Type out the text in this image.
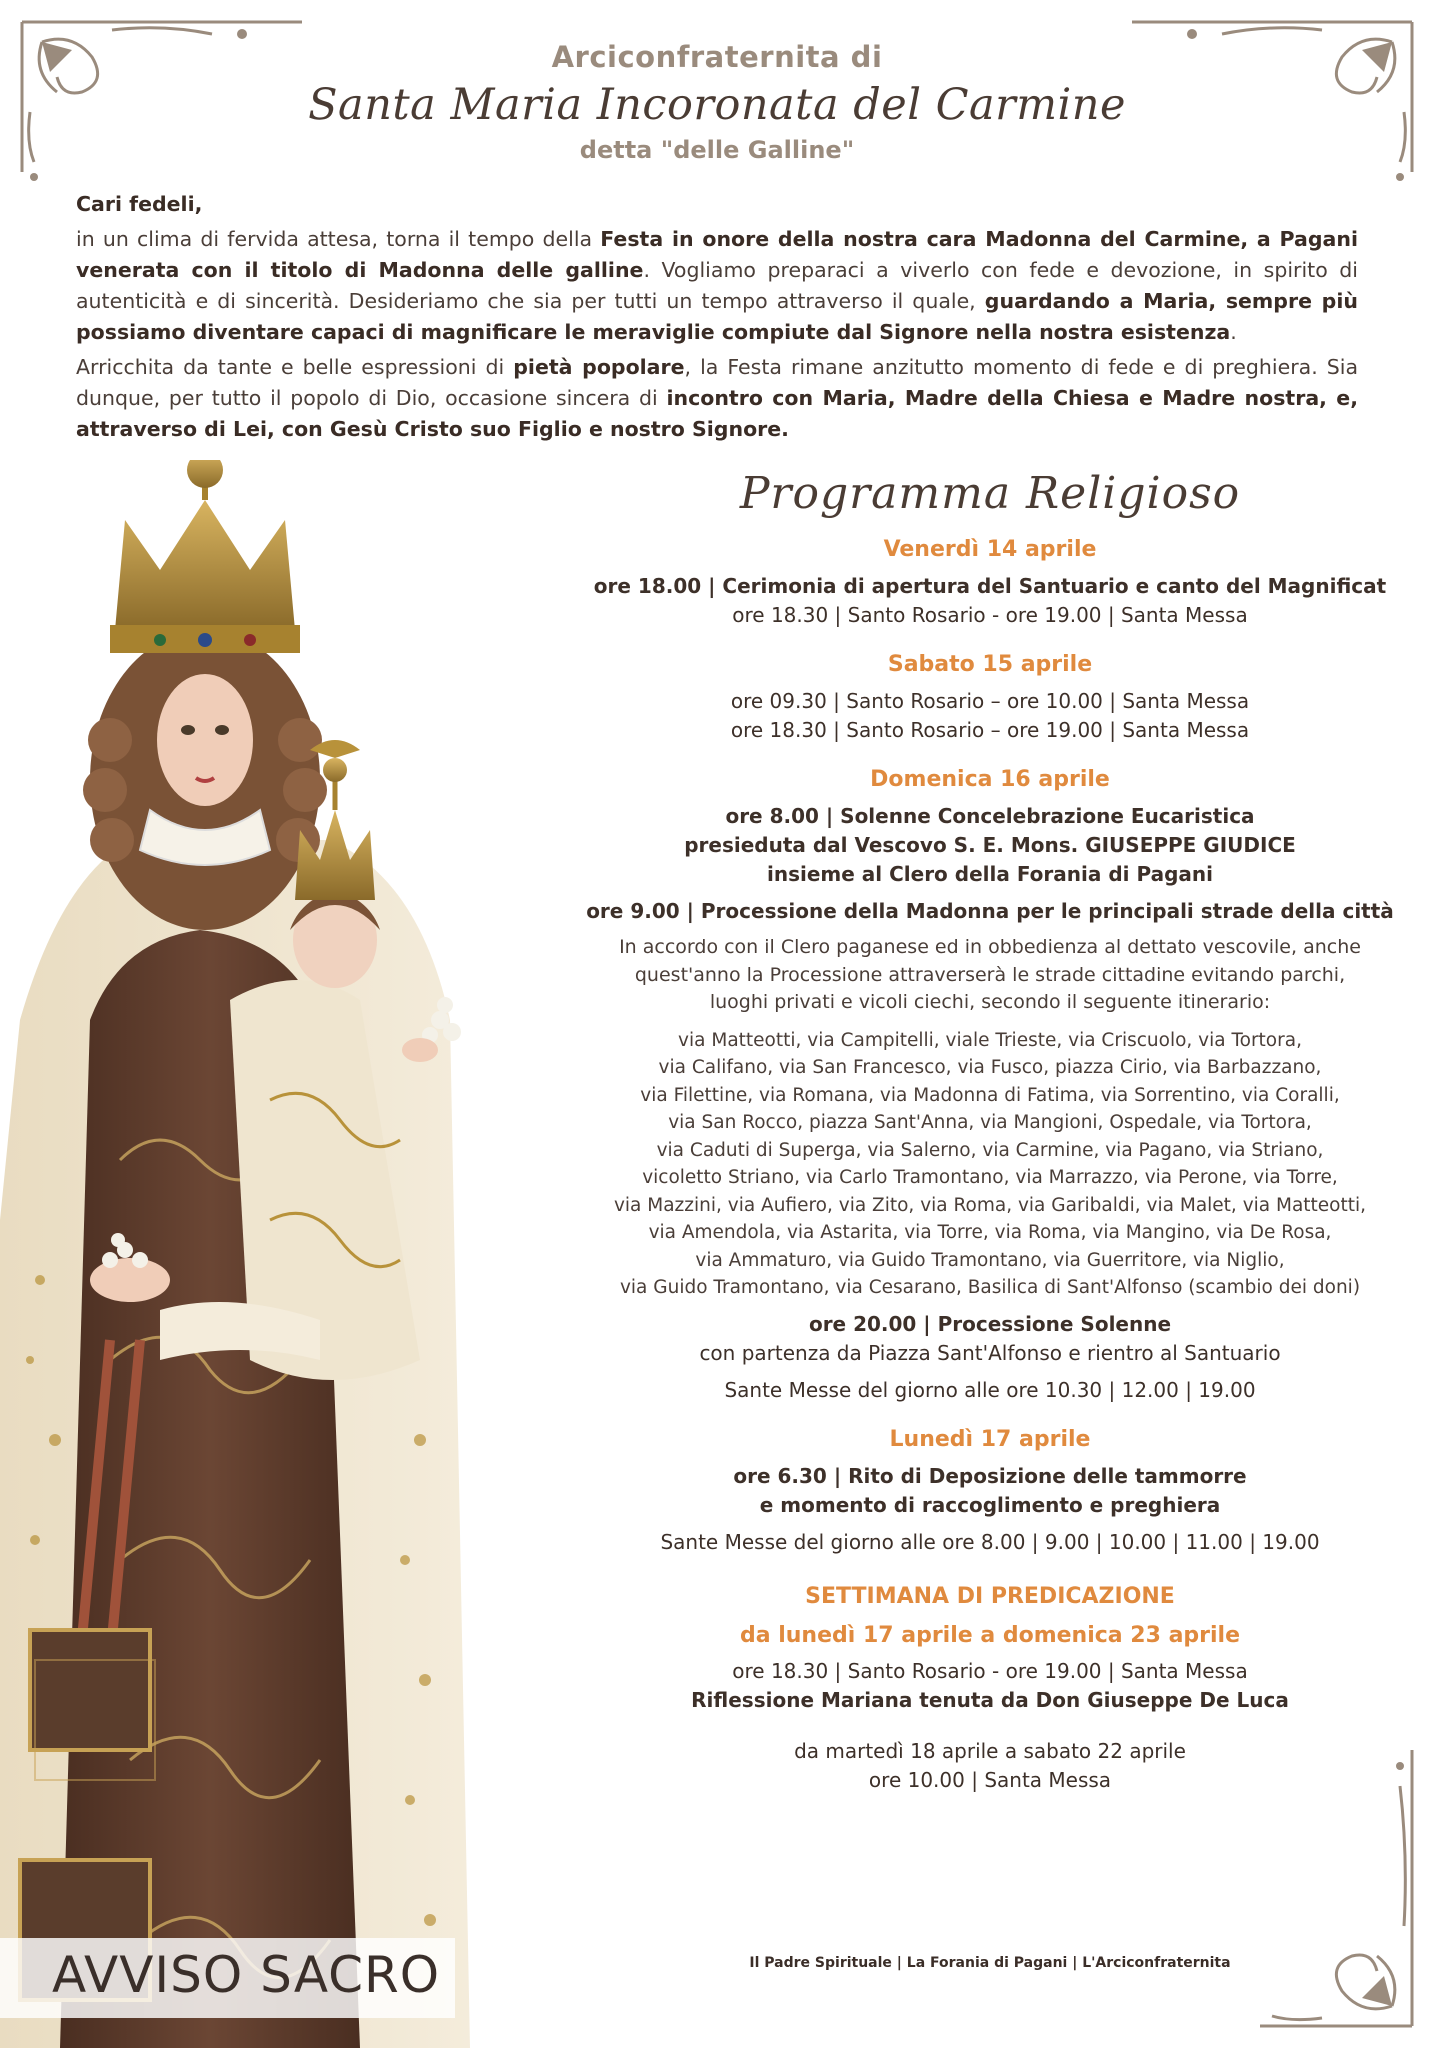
Arciconfraternita di
Santa Maria Incoronata del Carmine
detta "delle Galline"

Cari fedeli,

in un clima di fervida attesa, torna il tempo della Festa in onore della nostra cara Madonna del Carmine, a Pagani venerata con il titolo di Madonna delle galline. Vogliamo preparaci a viverlo con fede e devozione, in spirito di autenticità e di sincerità. Desideriamo che sia per tutti un tempo attraverso il quale, guardando a Maria, sempre più possiamo diventare capaci di magnificare le meraviglie compiute dal Signore nella nostra esistenza.

Arricchita da tante e belle espressioni di pietà popolare, la Festa rimane anzitutto momento di fede e di preghiera. Sia dunque, per tutto il popolo di Dio, occasione sincera di incontro con Maria, Madre della Chiesa e Madre nostra, e, attraverso di Lei, con Gesù Cristo suo Figlio e nostro Signore.

AVVISO SACRO
Programma Religioso
Venerdì 14 aprile

ore 18.00 | Cerimonia di apertura del Santuario e canto del Magnificat

ore 18.30 | Santo Rosario - ore 19.00 | Santa Messa

Sabato 15 aprile

ore 09.30 | Santo Rosario – ore 10.00 | Santa Messa

ore 18.30 | Santo Rosario – ore 19.00 | Santa Messa

Domenica 16 aprile

ore 8.00 | Solenne Concelebrazione Eucaristica

presieduta dal Vescovo S. E. Mons. GIUSEPPE GIUDICE

insieme al Clero della Forania di Pagani

ore 9.00 | Processione della Madonna per le principali strade della città

In accordo con il Clero paganese ed in obbedienza al dettato vescovile, anche
quest'anno la Processione attraverserà le strade cittadine evitando parchi,
luoghi privati e vicoli ciechi, secondo il seguente itinerario:
via Matteotti, via Campitelli, viale Trieste, via Criscuolo, via Tortora,
via Califano, via San Francesco, via Fusco, piazza Cirio, via Barbazzano,
via Filettine, via Romana, via Madonna di Fatima, via Sorrentino, via Coralli,
via San Rocco, piazza Sant'Anna, via Mangioni, Ospedale, via Tortora,
via Caduti di Superga, via Salerno, via Carmine, via Pagano, via Striano,
vicoletto Striano, via Carlo Tramontano, via Marrazzo, via Perone, via Torre,
via Mazzini, via Aufiero, via Zito, via Roma, via Garibaldi, via Malet, via Matteotti,
via Amendola, via Astarita, via Torre, via Roma, via Mangino, via De Rosa,
via Ammaturo, via Guido Tramontano, via Guerritore, via Niglio,
via Guido Tramontano, via Cesarano, Basilica di Sant'Alfonso (scambio dei doni)

ore 20.00 | Processione Solenne

con partenza da Piazza Sant'Alfonso e rientro al Santuario

Sante Messe del giorno alle ore 10.30 | 12.00 | 19.00

Lunedì 17 aprile

ore 6.30 | Rito di Deposizione delle tammorre

e momento di raccoglimento e preghiera

Sante Messe del giorno alle ore 8.00 | 9.00 | 10.00 | 11.00 | 19.00

SETTIMANA DI PREDICAZIONE
da lunedì 17 aprile a domenica 23 aprile

ore 18.30 | Santo Rosario - ore 19.00 | Santa Messa

Riflessione Mariana tenuta da Don Giuseppe De Luca

da martedì 18 aprile a sabato 22 aprile

ore 10.00 | Santa Messa

Il Padre Spirituale | La Forania di Pagani | L'Arciconfraternita
